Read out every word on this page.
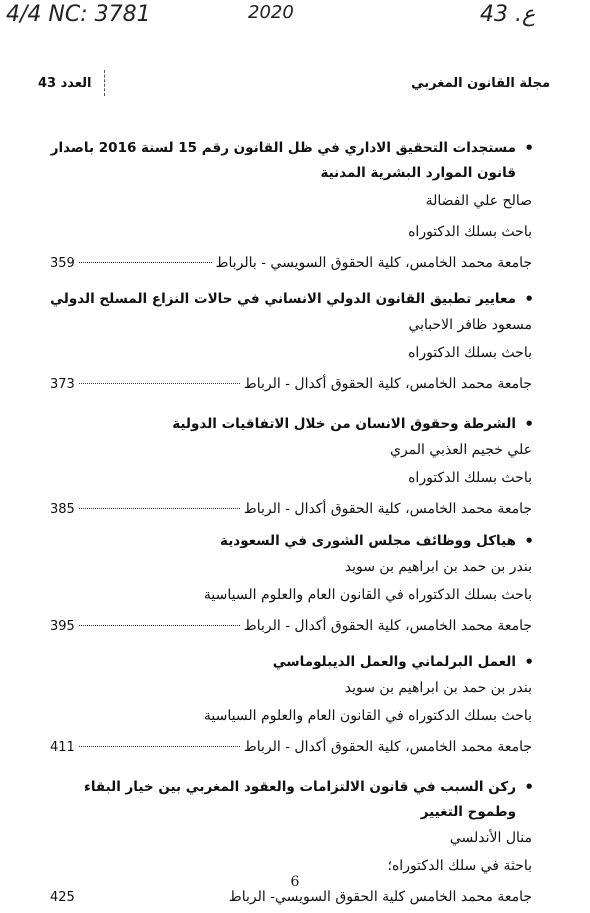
4/4 NC: 3781	2020	43 .ع
مجلة القانون المغربي
العدد 43
• مستجدات التحقيق الاداري في ظل القانون رقم 15 لسنة 2016 باصدار قانون الموارد البشرية المدنية
صالح علي الفضالة
باحث بسلك الدكتوراه
جامعة محمد الخامس، كلية الحقوق السويسي - بالرباط
359
• معايير تطبيق القانون الدولي الانساني في حالات النزاع المسلح الدولي
مسعود ظافر الاحبابي
باحث بسلك الدكتوراه
جامعة محمد الخامس، كلية الحقوق أكدال - الرباط
373
• الشرطة وحقوق الانسان من خلال الاتفاقيات الدولية
علي خجيم العذبي المري
باحث بسلك الدكتوراه
جامعة محمد الخامس، كلية الحقوق أكدال - الرباط
385
• هياكل ووظائف مجلس الشورى في السعودية
بندر بن حمد بن ابراهيم بن سويد
باحث بسلك الدكتوراه في القانون العام والعلوم السياسية
جامعة محمد الخامس، كلية الحقوق أكدال - الرباط
395
• العمل البرلماني والعمل الديبلوماسي
بندر بن حمد بن ابراهيم بن سويد
باحث بسلك الدكتوراه في القانون العام والعلوم السياسية
جامعة محمد الخامس، كلية الحقوق أكدال - الرباط
411
• ركن السبب في قانون الالتزامات والعقود المغربي بين خيار البقاء وطموح التغيير
منال الأندلسي
باحثة في سلك الدكتوراه؛
جامعة محمد الخامس كلية الحقوق السويسي- الرباط
425
6
